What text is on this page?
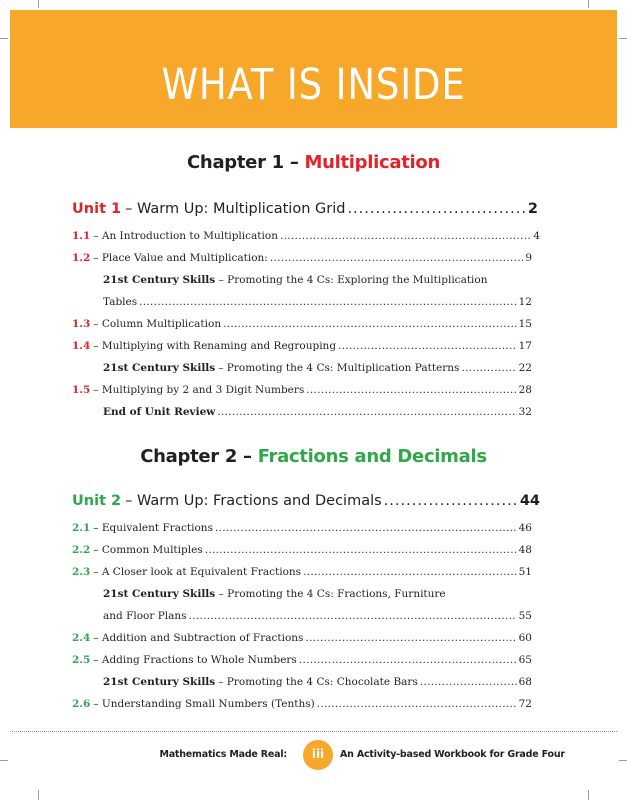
WHAT IS INSIDE
Chapter 1 – Multiplication
Unit 1 – Warm Up: Multiplication Grid .....	2
1.1 – An Introduction to Multiplication .....	4
1.2 – Place Value and Multiplication: .....	9
21st Century Skills – Promoting the 4 Cs: Exploring the Multiplication
Tables .....	12
1.3 – Column Multiplication .....	15
1.4 – Multiplying with Renaming and Regrouping .....	17
21st Century Skills – Promoting the 4 Cs: Multiplication Patterns .....	22
1.5 – Multiplying by 2 and 3 Digit Numbers .....	28
End of Unit Review .....	32
Chapter 2 – Fractions and Decimals
Unit 2 – Warm Up: Fractions and Decimals .....	44
2.1 – Equivalent Fractions .....	46
2.2 – Common Multiples .....	48
2.3 – A Closer look at Equivalent Fractions .....	51
21st Century Skills – Promoting the 4 Cs: Fractions, Furniture
and Floor Plans .....	55
2.4 – Addition and Subtraction of Fractions .....	60
2.5 – Adding Fractions to Whole Numbers .....	65
21st Century Skills – Promoting the 4 Cs: Chocolate Bars .....	68
2.6 – Understanding Small Numbers (Tenths) .....	72
Mathematics Made Real:	iii	An Activity-based Workbook for Grade Four
